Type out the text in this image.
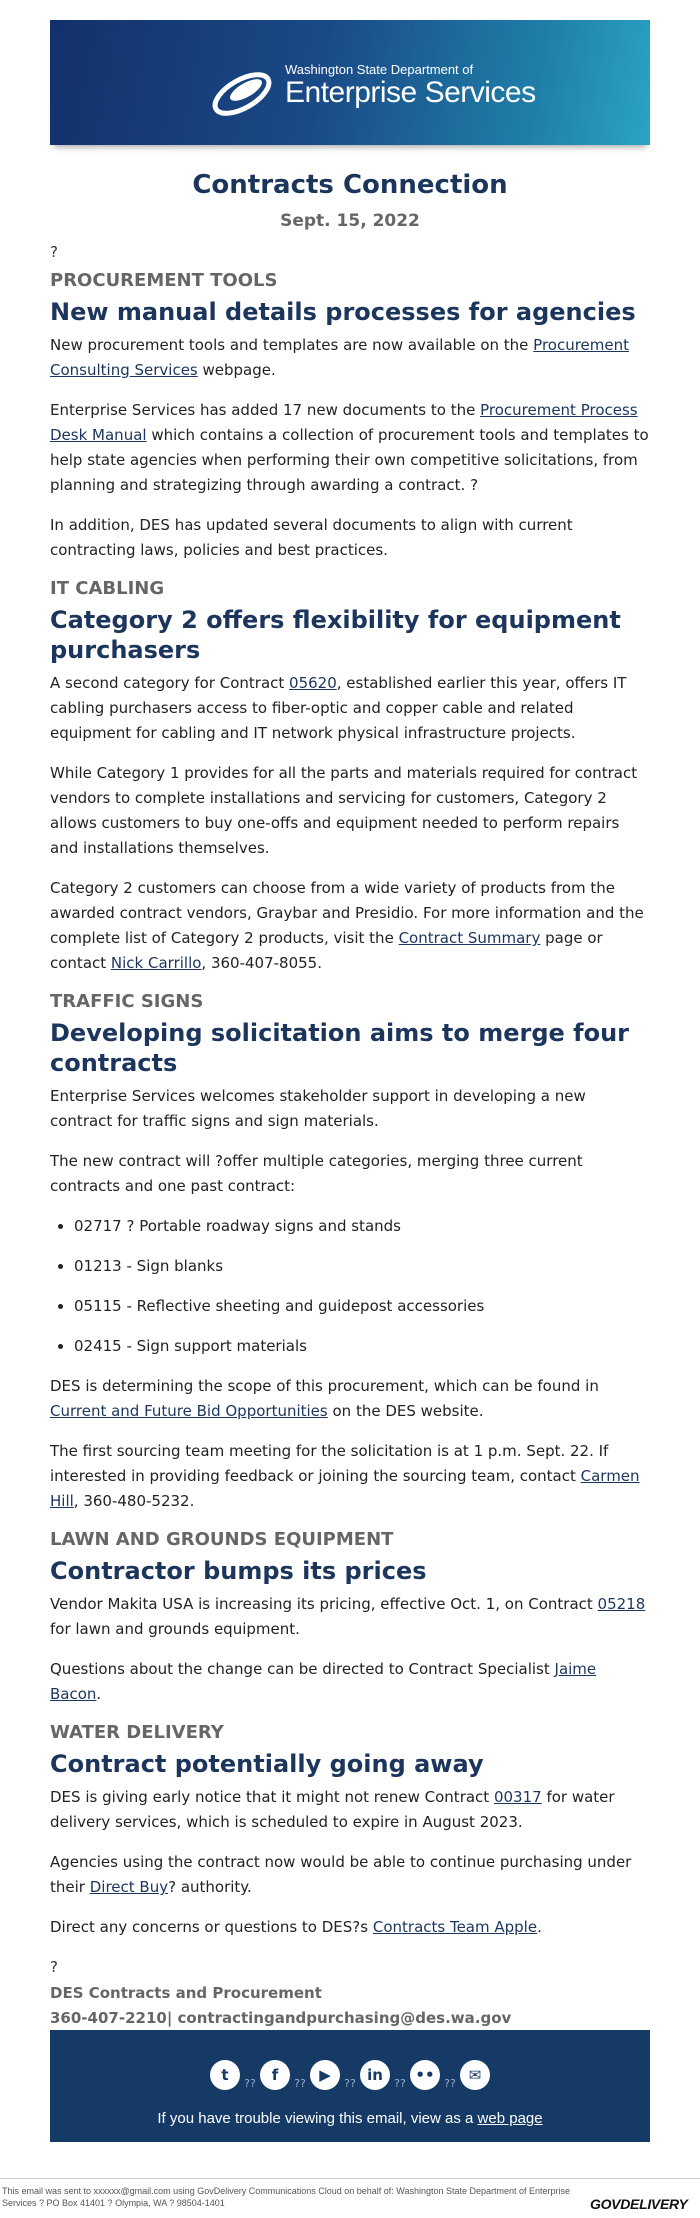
Washington State Department of
Enterprise Services
Contracts Connection
Sept. 15, 2022
?
PROCUREMENT TOOLS
New manual details processes for agencies

New procurement tools and templates are now available on the Procurement Consulting Services webpage.

Enterprise Services has added 17 new documents to the Procurement Process Desk Manual which contains a collection of procurement tools and templates to help state agencies when performing their own competitive solicitations, from planning and strategizing through awarding a contract. ?

In addition, DES has updated several documents to align with current contracting laws, policies and best practices.

IT CABLING
Category 2 offers flexibility for equipment purchasers

A second category for Contract 05620, established earlier this year, offers IT cabling purchasers access to fiber-optic and copper cable and related equipment for cabling and IT network physical infrastructure projects.

While Category 1 provides for all the parts and materials required for contract vendors to complete installations and servicing for customers, Category 2 allows customers to buy one-offs and equipment needed to perform repairs and installations themselves.

Category 2 customers can choose from a wide variety of products from the awarded contract vendors, Graybar and Presidio. For more information and the complete list of Category 2 products, visit the Contract Summary page or contact Nick Carrillo, 360-407-8055.

TRAFFIC SIGNS
Developing solicitation aims to merge four contracts

Enterprise Services welcomes stakeholder support in developing a new contract for traffic signs and sign materials.

The new contract will ?offer multiple categories, merging three current contracts and one past contract:

• 02717 ? Portable roadway signs and stands
• 01213 - Sign blanks
• 05115 - Reflective sheeting and guidepost accessories
• 02415 - Sign support materials

DES is determining the scope of this procurement, which can be found in Current and Future Bid Opportunities on the DES website.

The first sourcing team meeting for the solicitation is at 1 p.m. Sept. 22. If interested in providing feedback or joining the sourcing team, contact Carmen Hill, 360-480-5232.

LAWN AND GROUNDS EQUIPMENT
Contractor bumps its prices

Vendor Makita USA is increasing its pricing, effective Oct. 1, on Contract 05218 for lawn and grounds equipment.

Questions about the change can be directed to Contract Specialist Jaime Bacon.

WATER DELIVERY
Contract potentially going away

DES is giving early notice that it might not renew Contract 00317 for water delivery services, which is scheduled to expire in August 2023.

Agencies using the contract now would be able to continue purchasing under their Direct Buy? authority.

Direct any concerns or questions to DES?s Contracts Team Apple.

?
DES Contracts and Procurement
360-407-2210| contractingandpurchasing@des.wa.gov
t ?? f ?? ▶ ?? in ?? •• ?? ✉
If you have trouble viewing this email, view as a web page
This email was sent to xxxxxx@gmail.com using GovDelivery Communications Cloud on behalf of: Washington State Department of Enterprise Services ? PO Box 41401 ? Olympia, WA ? 98504-1401	GOVDELIVERY
